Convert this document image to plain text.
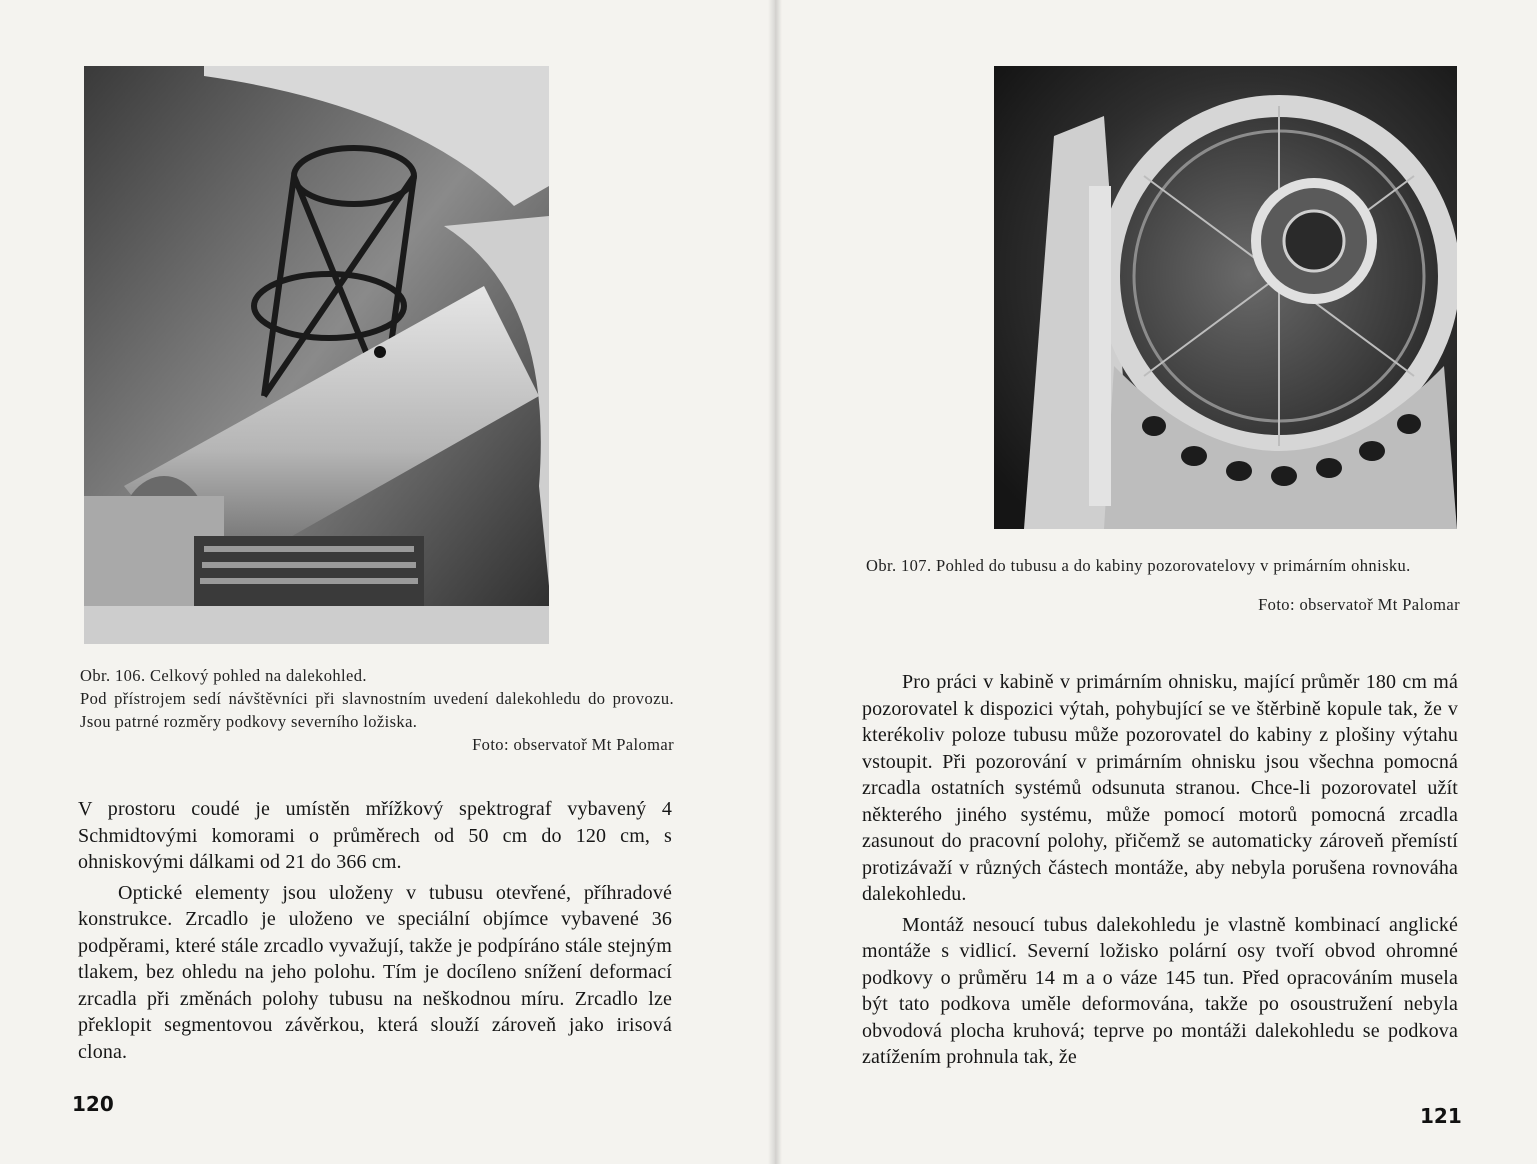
Obr. 106. Celkový pohled na dalekohled.

Pod přístrojem sedí návštěvníci při slavnostním uvedení dalekohledu do provozu. Jsou patrné rozměry podkovy severního ložiska.

Foto: observatoř Mt Palomar

V prostoru coudé je umístěn mřížkový spektrograf vybavený 4 Schmidtovými komorami o průměrech od 50 cm do 120 cm, s ohniskovými dálkami od 21 do 366 cm.

Optické elementy jsou uloženy v tubusu otevřené, příhradové konstrukce. Zrcadlo je uloženo ve speciální objímce vybavené 36 podpěrami, které stále zrcadlo vyvažují, takže je podpíráno stále stejným tlakem, bez ohledu na jeho polohu. Tím je docíleno snížení deformací zrcadla při změnách polohy tubusu na neškodnou míru. Zrcadlo lze překlopit segmentovou závěrkou, která slouží zároveň jako irisová clona.

120

Obr. 107. Pohled do tubusu a do kabiny pozorovatelovy v primárním ohnisku.

Foto: observatoř Mt Palomar

Pro práci v kabině v primárním ohnisku, mající průměr 180 cm má pozorovatel k dispozici výtah, pohybující se ve štěrbině kopule tak, že v kterékoliv poloze tubusu může pozorovatel do kabiny z plošiny výtahu vstoupit. Při pozorování v primárním ohnisku jsou všechna pomocná zrcadla ostatních systémů odsunuta stranou. Chce-li pozorovatel užít některého jiného systému, může pomocí motorů pomocná zrcadla zasunout do pracovní polohy, přičemž se automaticky zároveň přemístí protizávaží v různých částech montáže, aby nebyla porušena rovnováha dalekohledu.

Montáž nesoucí tubus dalekohledu je vlastně kombinací anglické montáže s vidlicí. Severní ložisko polární osy tvoří obvod ohromné podkovy o průměru 14 m a o váze 145 tun. Před opracováním musela být tato podkova uměle deformována, takže po osoustružení nebyla obvodová plocha kruhová; teprve po montáži dalekohledu se podkova zatížením prohnula tak, že

121
